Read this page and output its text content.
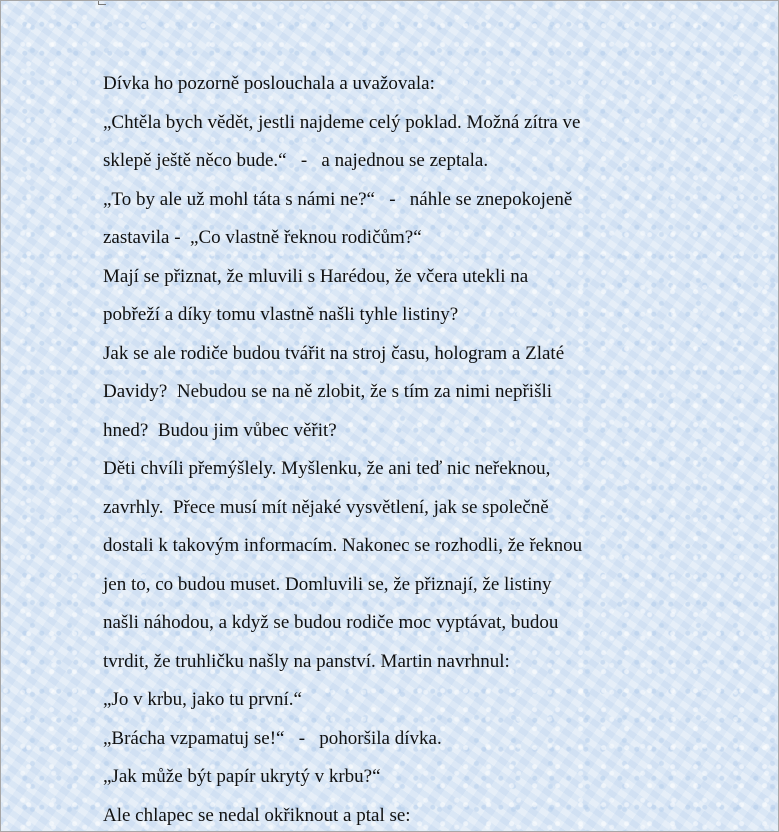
Dívka ho pozorně poslouchala a uvažovala:
„Chtěla bych vědět, jestli najdeme celý poklad. Možná zítra ve
sklepě ještě něco bude.“   -   a najednou se zeptala.
„To by ale už mohl táta s námi ne?“   -   náhle se znepokojeně
zastavila -  „Co vlastně řeknou rodičům?“
Mají se přiznat, že mluvili s Harédou, že včera utekli na
pobřeží a díky tomu vlastně našli tyhle listiny?
Jak se ale rodiče budou tvářit na stroj času, hologram a Zlaté
Davidy?  Nebudou se na ně zlobit, že s tím za nimi nepřišli
hned?  Budou jim vůbec věřit?
Děti chvíli přemýšlely. Myšlenku, že ani teď nic neřeknou,
zavrhly.  Přece musí mít nějaké vysvětlení, jak se společně
dostali k takovým informacím. Nakonec se rozhodli, že řeknou
jen to, co budou muset. Domluvili se, že přiznají, že listiny
našli náhodou, a když se budou rodiče moc vyptávat, budou
tvrdit, že truhličku našly na panství. Martin navrhnul:
„Jo v krbu, jako tu první.“
„Brácha vzpamatuj se!“   -   pohoršila dívka.
„Jak může být papír ukrytý v krbu?“
Ale chlapec se nedal okřiknout a ptal se:
